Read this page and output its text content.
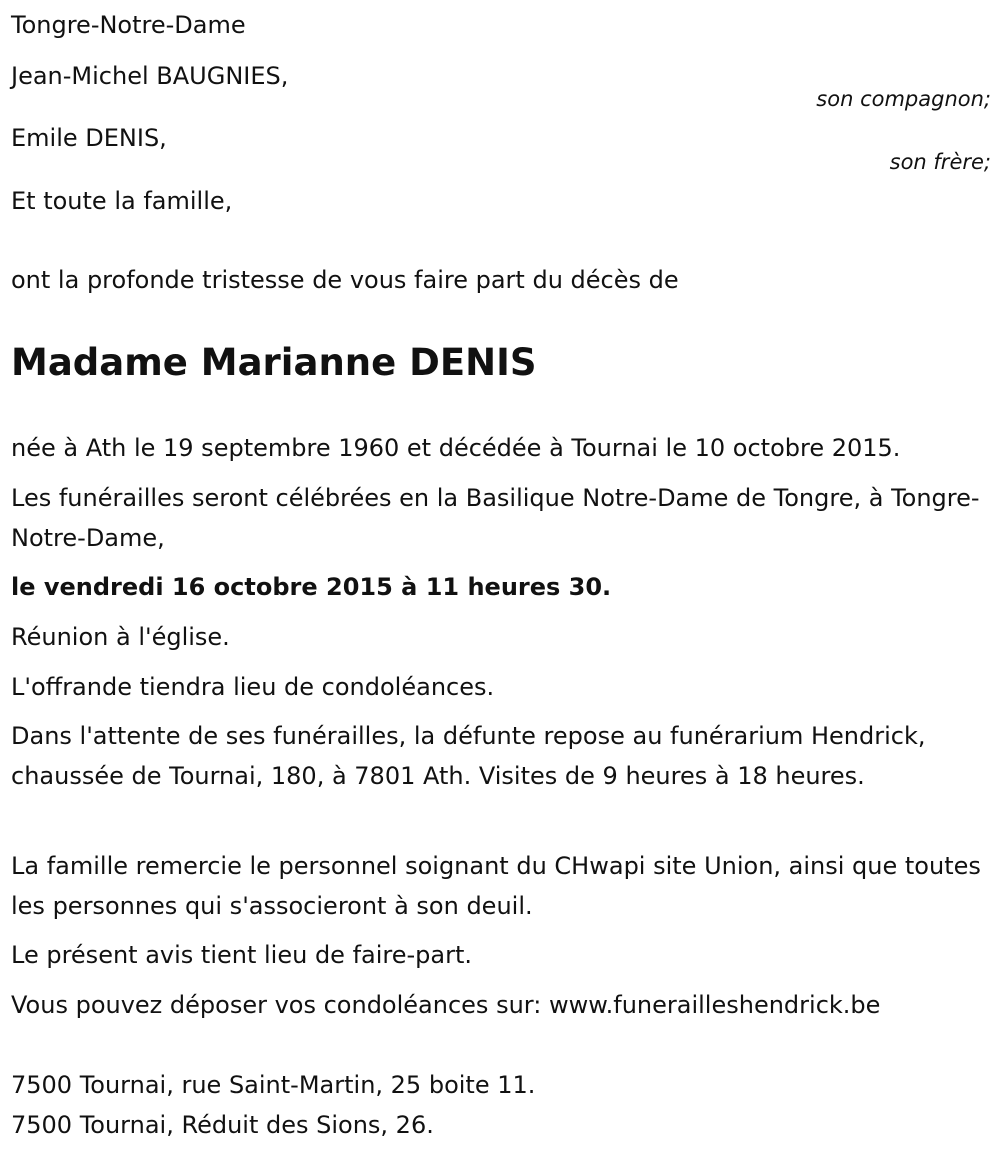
Tongre-Notre-Dame
Jean-Michel BAUGNIES,
son compagnon;
Emile DENIS,
son frère;
Et toute la famille,
ont la profonde tristesse de vous faire part du décès de
Madame Marianne DENIS
née à Ath le 19 septembre 1960 et décédée à Tournai le 10 octobre 2015.
Les funérailles seront célébrées en la Basilique Notre-Dame de Tongre, à Tongre-Notre-Dame,
le vendredi 16 octobre 2015 à 11 heures 30.
Réunion à l'église.
L'offrande tiendra lieu de condoléances.
Dans l'attente de ses funérailles, la défunte repose au funérarium Hendrick, chaussée de Tournai, 180, à 7801 Ath. Visites de 9 heures à 18 heures.
La famille remercie le personnel soignant du CHwapi site Union, ainsi que toutes les personnes qui s'associeront à son deuil.
Le présent avis tient lieu de faire-part.
Vous pouvez déposer vos condoléances sur: www.funerailleshendrick.be
7500 Tournai, rue Saint-Martin, 25 boite 11.
7500 Tournai, Réduit des Sions, 26.
